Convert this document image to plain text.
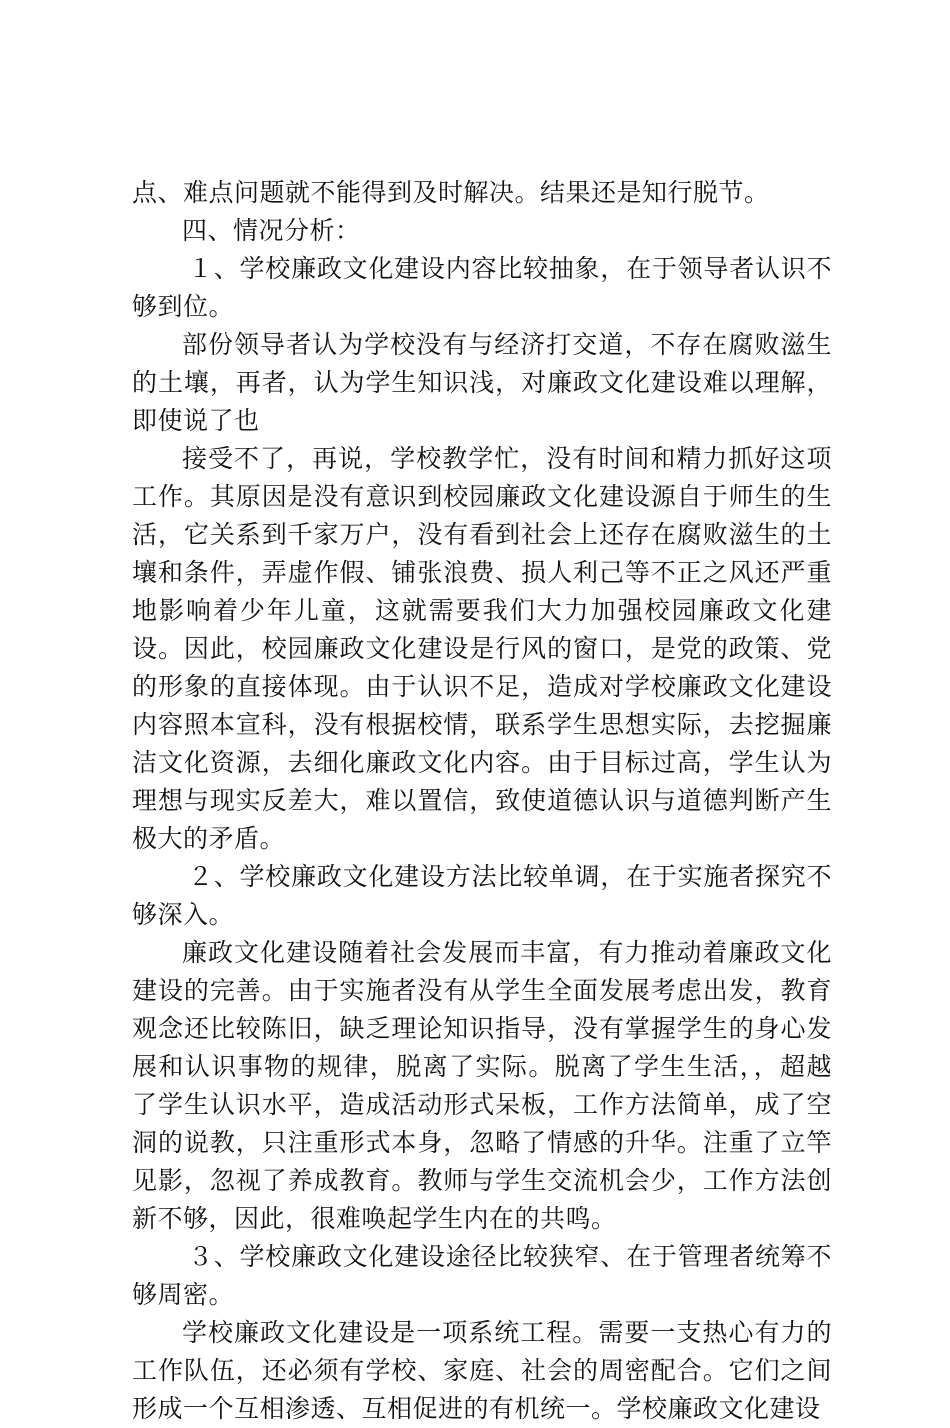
点、难点问题就不能得到及时解决。结果还是知行脱节。

四、情况分析：

１、学校廉政文化建设内容比较抽象，在于领导者认识不够到位。

部份领导者认为学校没有与经济打交道，不存在腐败滋生的土壤，再者，认为学生知识浅，对廉政文化建设难以理解，即使说了也

接受不了，再说，学校教学忙，没有时间和精力抓好这项工作。其原因是没有意识到校园廉政文化建设源自于师生的生活，它关系到千家万户，没有看到社会上还存在腐败滋生的土壤和条件，弄虚作假、铺张浪费、损人利己等不正之风还严重地影响着少年儿童，这就需要我们大力加强校园廉政文化建设。因此，校园廉政文化建设是行风的窗口，是党的政策、党的形象的直接体现。由于认识不足，造成对学校廉政文化建设内容照本宣科，没有根据校情，联系学生思想实际，去挖掘廉洁文化资源，去细化廉政文化内容。由于目标过高，学生认为理想与现实反差大，难以置信，致使道德认识与道德判断产生极大的矛盾。

２、学校廉政文化建设方法比较单调，在于实施者探究不够深入。

廉政文化建设随着社会发展而丰富，有力推动着廉政文化建设的完善。由于实施者没有从学生全面发展考虑出发，教育观念还比较陈旧，缺乏理论知识指导，没有掌握学生的身心发展和认识事物的规律，脱离了实际。脱离了学生生活，，超越了学生认识水平，造成活动形式呆板，工作方法简单，成了空洞的说教，只注重形式本身，忽略了情感的升华。注重了立竿见影，忽视了养成教育。教师与学生交流机会少，工作方法创新不够，因此，很难唤起学生内在的共鸣。

３、学校廉政文化建设途径比较狭窄、在于管理者统筹不够周密。

学校廉政文化建设是一项系统工程。需要一支热心有力的工作队伍，还必须有学校、家庭、社会的周密配合。它们之间形成一个互相渗透、互相促进的有机统一。学校廉政文化建设
